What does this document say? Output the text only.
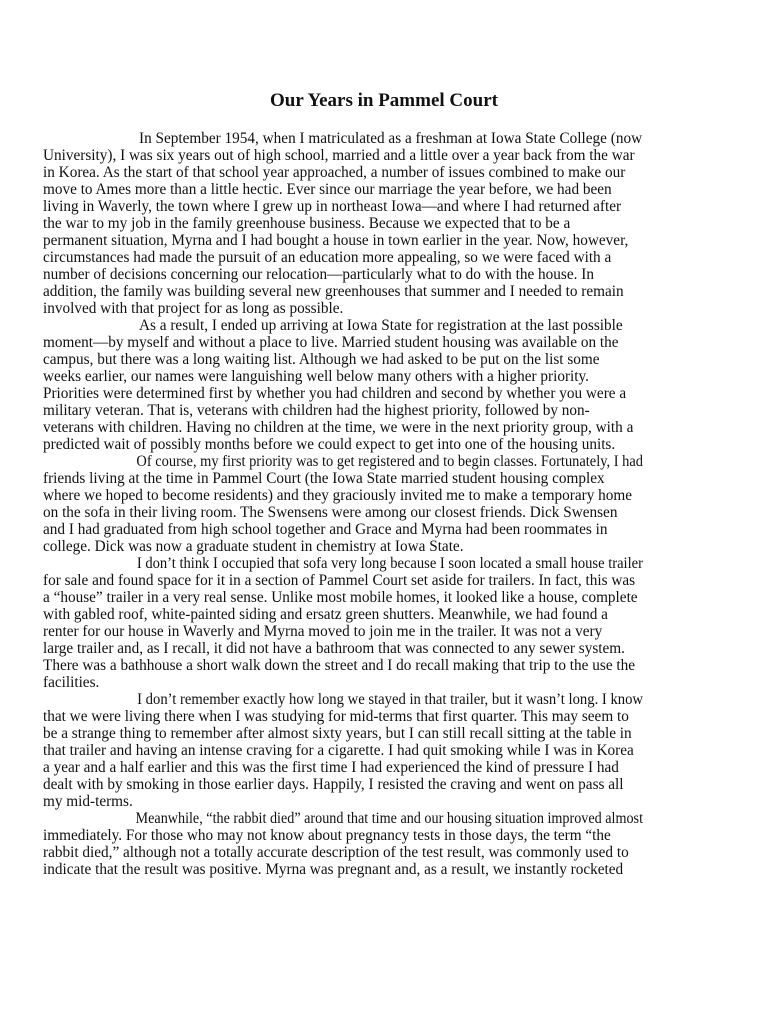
Our Years in Pammel Court
In September 1954, when I matriculated as a freshman at Iowa State College (now
University), I was six years out of high school, married and a little over a year back from the war
in Korea. As the start of that school year approached, a number of issues combined to make our
move to Ames more than a little hectic. Ever since our marriage the year before, we had been
living in Waverly, the town where I grew up in northeast Iowa—and where I had returned after
the war to my job in the family greenhouse business. Because we expected that to be a
permanent situation, Myrna and I had bought a house in town earlier in the year. Now, however,
circumstances had made the pursuit of an education more appealing, so we were faced with a
number of decisions concerning our relocation—particularly what to do with the house. In
addition, the family was building several new greenhouses that summer and I needed to remain
involved with that project for as long as possible.
As a result, I ended up arriving at Iowa State for registration at the last possible
moment—by myself and without a place to live. Married student housing was available on the
campus, but there was a long waiting list. Although we had asked to be put on the list some
weeks earlier, our names were languishing well below many others with a higher priority.
Priorities were determined first by whether you had children and second by whether you were a
military veteran. That is, veterans with children had the highest priority, followed by non-
veterans with children. Having no children at the time, we were in the next priority group, with a
predicted wait of possibly months before we could expect to get into one of the housing units.
Of course, my first priority was to get registered and to begin classes. Fortunately, I had
friends living at the time in Pammel Court (the Iowa State married student housing complex
where we hoped to become residents) and they graciously invited me to make a temporary home
on the sofa in their living room. The Swensens were among our closest friends. Dick Swensen
and I had graduated from high school together and Grace and Myrna had been roommates in
college. Dick was now a graduate student in chemistry at Iowa State.
I don’t think I occupied that sofa very long because I soon located a small house trailer
for sale and found space for it in a section of Pammel Court set aside for trailers. In fact, this was
a “house” trailer in a very real sense. Unlike most mobile homes, it looked like a house, complete
with gabled roof, white-painted siding and ersatz green shutters. Meanwhile, we had found a
renter for our house in Waverly and Myrna moved to join me in the trailer. It was not a very
large trailer and, as I recall, it did not have a bathroom that was connected to any sewer system.
There was a bathhouse a short walk down the street and I do recall making that trip to the use the
facilities.
I don’t remember exactly how long we stayed in that trailer, but it wasn’t long. I know
that we were living there when I was studying for mid-terms that first quarter. This may seem to
be a strange thing to remember after almost sixty years, but I can still recall sitting at the table in
that trailer and having an intense craving for a cigarette. I had quit smoking while I was in Korea
a year and a half earlier and this was the first time I had experienced the kind of pressure I had
dealt with by smoking in those earlier days. Happily, I resisted the craving and went on pass all
my mid-terms.
Meanwhile, “the rabbit died” around that time and our housing situation improved almost
immediately. For those who may not know about pregnancy tests in those days, the term “the
rabbit died,” although not a totally accurate description of the test result, was commonly used to
indicate that the result was positive. Myrna was pregnant and, as a result, we instantly rocketed
